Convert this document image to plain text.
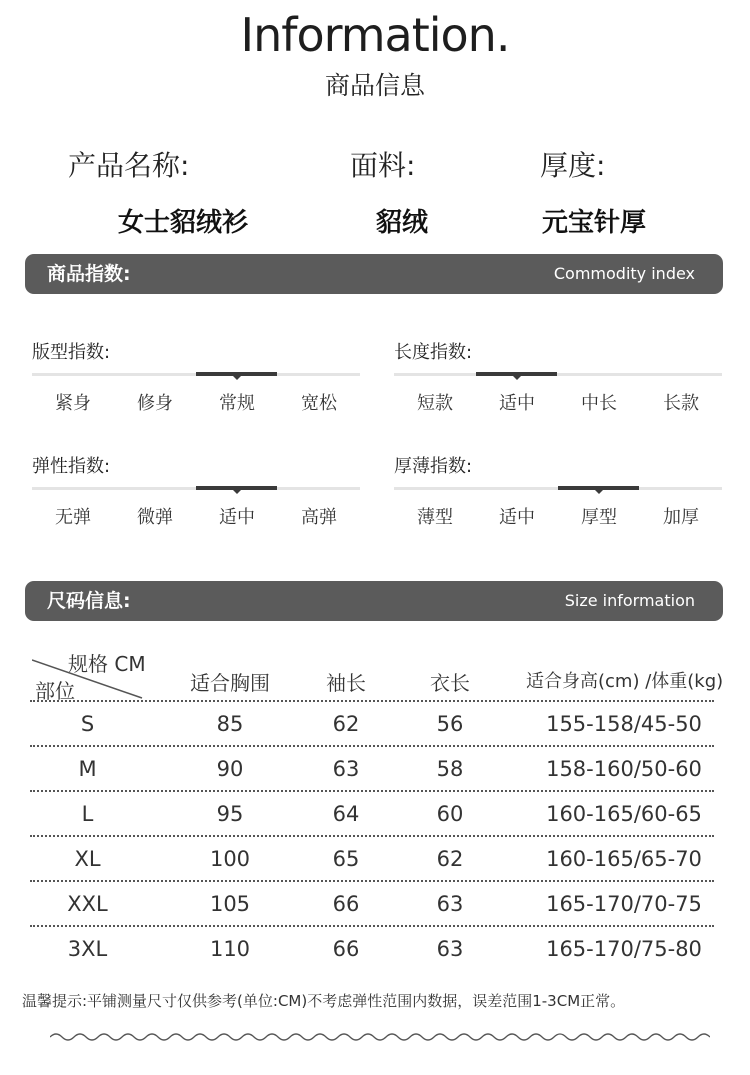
Information.
商品信息
产品名称:	面料:	厚度:
女士貂绒衫	貂绒	元宝针厚
商品指数:	Commodity index
版型指数:
紧身	修身	常规	宽松
长度指数:
短款	适中	中长	长款
弹性指数:
无弹	微弹	适中	高弹
厚薄指数:
薄型	适中	厚型	加厚
尺码信息:	Size information
规格 CM
部位	适合胸围	袖长	衣长	适合身高(cm) /体重(kg)
S	85	62	56	155-158/45-50
M	90	63	58	158-160/50-60
L	95	64	60	160-165/60-65
XL	100	65	62	160-165/65-70
XXL	105	66	63	165-170/70-75
3XL	110	66	63	165-170/75-80
温馨提示:平铺测量尺寸仅供参考(单位:CM)不考虑弹性范围内数据，误差范围1-3CM正常。
